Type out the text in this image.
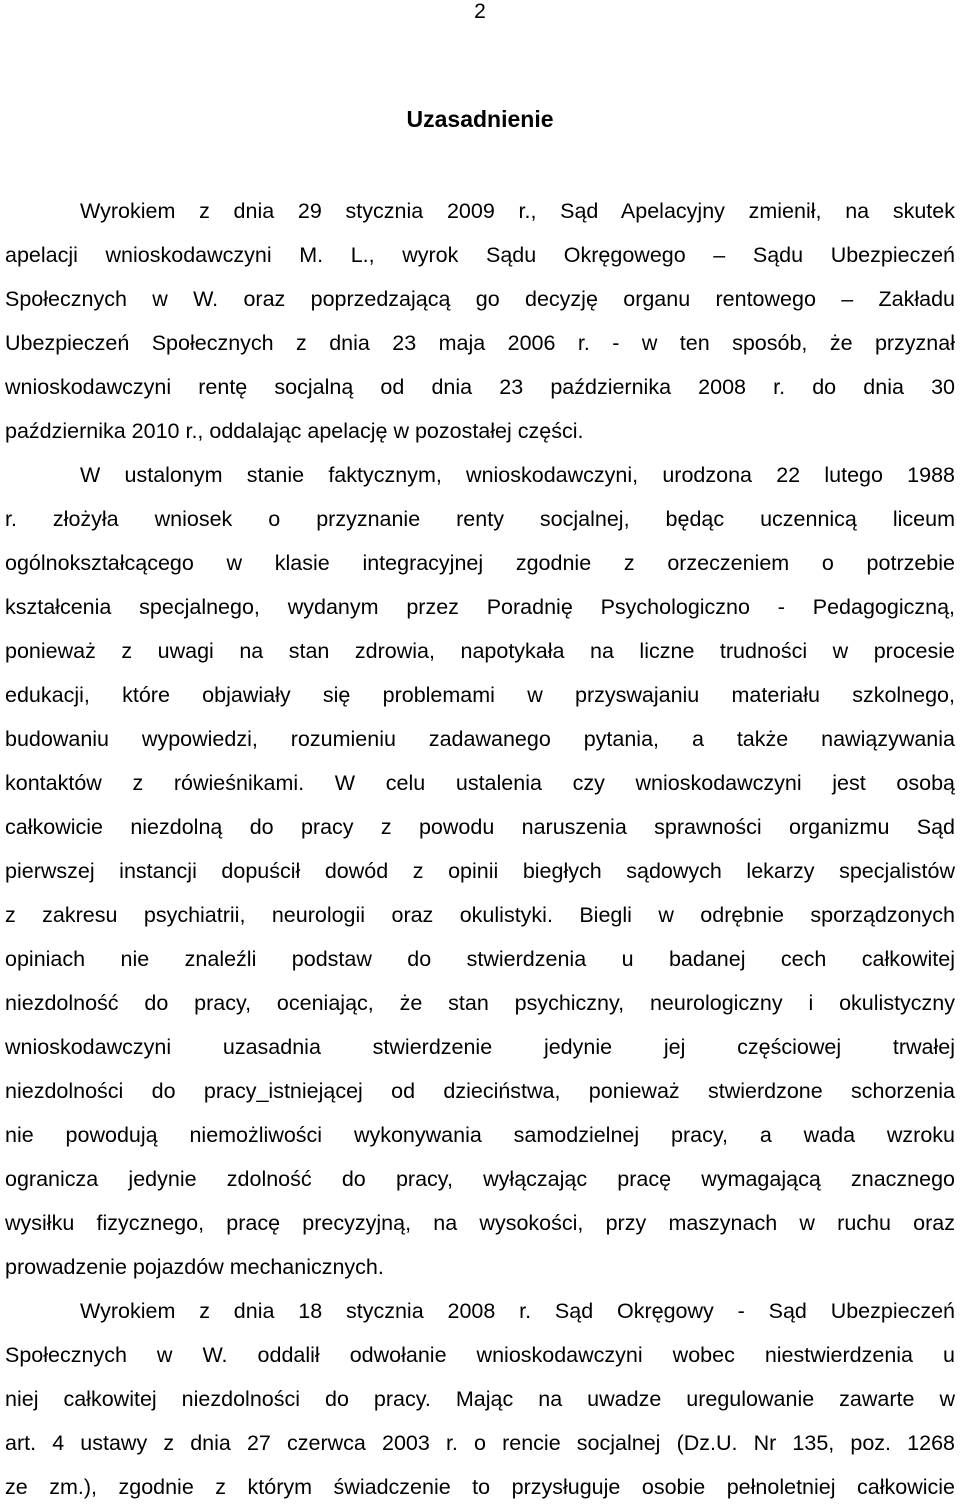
2
Uzasadnienie
Wyrokiem z dnia 29 stycznia 2009 r., Sąd Apelacyjny zmienił, na skutek
apelacji wnioskodawczyni M. L., wyrok Sądu Okręgowego – Sądu Ubezpieczeń
Społecznych w W. oraz poprzedzającą go decyzję organu rentowego – Zakładu
Ubezpieczeń Społecznych z dnia 23 maja 2006 r. - w ten sposób, że przyznał
wnioskodawczyni rentę socjalną od dnia 23 października 2008 r. do dnia 30
października 2010 r., oddalając apelację w pozostałej części.
W ustalonym stanie faktycznym, wnioskodawczyni, urodzona 22 lutego 1988
r. złożyła wniosek o przyznanie renty socjalnej, będąc uczennicą liceum
ogólnokształcącego w klasie integracyjnej zgodnie z orzeczeniem o potrzebie
kształcenia specjalnego, wydanym przez Poradnię Psychologiczno - Pedagogiczną,
ponieważ z uwagi na stan zdrowia, napotykała na liczne trudności w procesie
edukacji, które objawiały się problemami w przyswajaniu materiału szkolnego,
budowaniu wypowiedzi, rozumieniu zadawanego pytania, a także nawiązywania
kontaktów z rówieśnikami. W celu ustalenia czy wnioskodawczyni jest osobą
całkowicie niezdolną do pracy z powodu naruszenia sprawności organizmu Sąd
pierwszej instancji dopuścił dowód z opinii biegłych sądowych lekarzy specjalistów
z zakresu psychiatrii, neurologii oraz okulistyki. Biegli w odrębnie sporządzonych
opiniach nie znaleźli podstaw do stwierdzenia u badanej cech całkowitej
niezdolność do pracy, oceniając, że stan psychiczny, neurologiczny i okulistyczny
wnioskodawczyni uzasadnia stwierdzenie jedynie jej częściowej trwałej
niezdolności do pracy_istniejącej od dzieciństwa, ponieważ stwierdzone schorzenia
nie powodują niemożliwości wykonywania samodzielnej pracy, a wada wzroku
ogranicza jedynie zdolność do pracy, wyłączając pracę wymagającą znacznego
wysiłku fizycznego, pracę precyzyjną, na wysokości, przy maszynach w ruchu oraz
prowadzenie pojazdów mechanicznych.
Wyrokiem z dnia 18 stycznia 2008 r. Sąd Okręgowy - Sąd Ubezpieczeń
Społecznych w W. oddalił odwołanie wnioskodawczyni wobec niestwierdzenia u
niej całkowitej niezdolności do pracy. Mając na uwadze uregulowanie zawarte w
art. 4 ustawy z dnia 27 czerwca 2003 r. o rencie socjalnej (Dz.U. Nr 135, poz. 1268
ze zm.), zgodnie z którym świadczenie to przysługuje osobie pełnoletniej całkowicie
